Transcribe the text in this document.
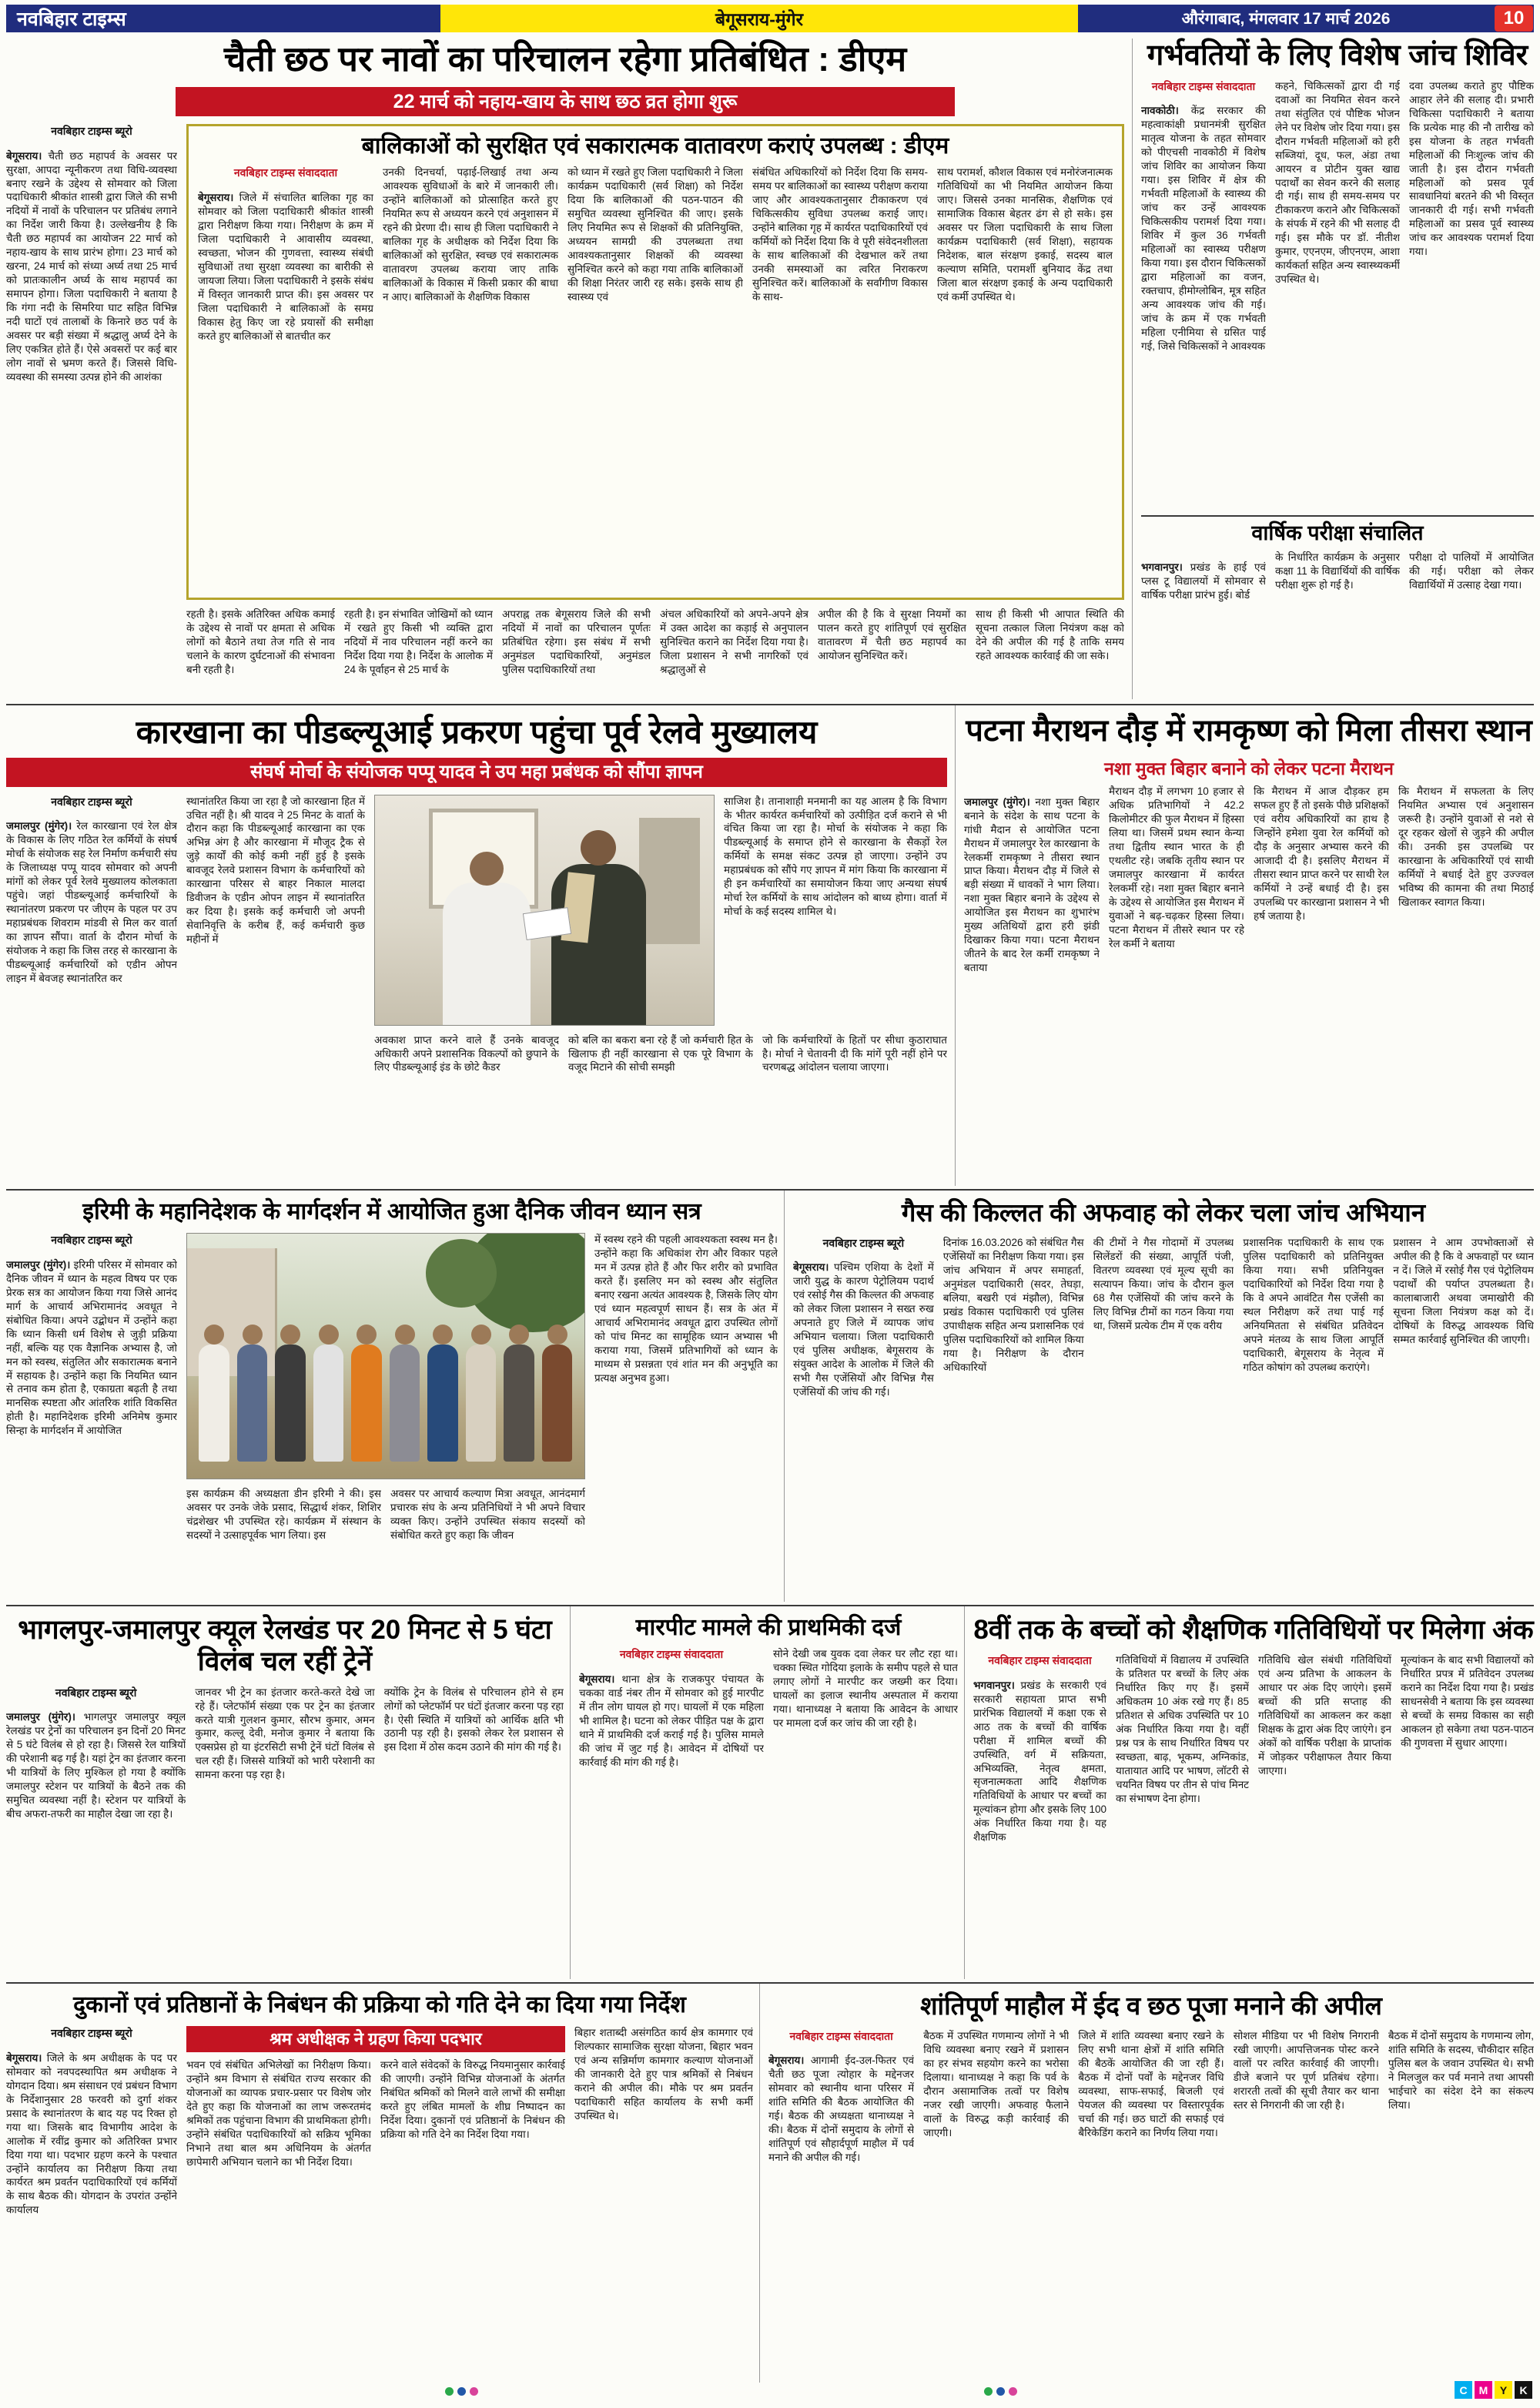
नवबिहार टाइम्स	बेगूसराय-मुंगेर	औरंगाबाद, मंगलवार 17 मार्च 2026	10
चैती छठ पर नावों का परिचालन रहेगा प्रतिबंधित : डीएम
22 मार्च को नहाय-खाय के साथ छठ व्रत होगा शुरू
नवबिहार टाइम्स ब्यूरो

बेगूसराय। चैती छठ महापर्व के अवसर पर सुरक्षा, आपदा न्यूनीकरण तथा विधि-व्यवस्था बनाए रखने के उद्देश्य से सोमवार को जिला पदाधिकारी श्रीकांत शास्त्री द्वारा जिले की सभी नदियों में नावों के परिचालन पर प्रतिबंध लगाने का निर्देश जारी किया है। उल्लेखनीय है कि चैती छठ महापर्व का आयोजन 22 मार्च को नहाय-खाय के साथ प्रारंभ होगा। 23 मार्च को खरना, 24 मार्च को संध्या अर्घ्य तथा 25 मार्च को प्रातःकालीन अर्घ्य के साथ महापर्व का समापन होगा। जिला पदाधिकारी ने बताया है कि गंगा नदी के सिमरिया घाट सहित विभिन्न नदी घाटों एवं तालाबों के किनारे छठ पर्व के अवसर पर बड़ी संख्या में श्रद्धालु अर्घ्य देने के लिए एकत्रित होते हैं। ऐसे अवसरों पर कई बार लोग नावों से भ्रमण करते हैं। जिससे विधि-व्यवस्था की समस्या उत्पन्न होने की आशंका

बालिकाओं को सुरक्षित एवं सकारात्मक वातावरण कराएं उपलब्ध : डीएम
नवबिहार टाइम्स संवाददाता

बेगूसराय। जिले में संचालित बालिका गृह का सोमवार को जिला पदाधिकारी श्रीकांत शास्त्री द्वारा निरीक्षण किया गया। निरीक्षण के क्रम में जिला पदाधिकारी ने आवासीय व्यवस्था, स्वच्छता, भोजन की गुणवत्ता, स्वास्थ्य संबंधी सुविधाओं तथा सुरक्षा व्यवस्था का बारीकी से जायजा लिया। जिला पदाधिकारी ने इसके संबंध में विस्तृत जानकारी प्राप्त की। इस अवसर पर जिला पदाधिकारी ने बालिकाओं के समग्र विकास हेतु किए जा रहे प्रयासों की समीक्षा करते हुए बालिकाओं से बातचीत कर

उनकी दिनचर्या, पढ़ाई-लिखाई तथा अन्य आवश्यक सुविधाओं के बारे में जानकारी ली। उन्होंने बालिकाओं को प्रोत्साहित करते हुए नियमित रूप से अध्ययन करने एवं अनुशासन में रहने की प्रेरणा दी। साथ ही जिला पदाधिकारी ने बालिका गृह के अधीक्षक को निर्देश दिया कि बालिकाओं को सुरक्षित, स्वच्छ एवं सकारात्मक वातावरण उपलब्ध कराया जाए ताकि बालिकाओं के विकास में किसी प्रकार की बाधा न आए। बालिकाओं के शैक्षणिक विकास
को ध्यान में रखते हुए जिला पदाधिकारी ने जिला कार्यक्रम पदाधिकारी (सर्व शिक्षा) को निर्देश दिया कि बालिकाओं की पठन-पाठन की समुचित व्यवस्था सुनिश्चित की जाए। इसके लिए नियमित रूप से शिक्षकों की प्रतिनियुक्ति, अध्ययन सामग्री की उपलब्धता तथा आवश्यकतानुसार शिक्षकों की व्यवस्था सुनिश्चित करने को कहा गया ताकि बालिकाओं की शिक्षा निरंतर जारी रह सके। इसके साथ ही स्वास्थ्य एवं
संबंधित अधिकारियों को निर्देश दिया कि समय-समय पर बालिकाओं का स्वास्थ्य परीक्षण कराया जाए और आवश्यकतानुसार टीकाकरण एवं चिकित्सकीय सुविधा उपलब्ध कराई जाए। उन्होंने बालिका गृह में कार्यरत पदाधिकारियों एवं कर्मियों को निर्देश दिया कि वे पूरी संवेदनशीलता के साथ बालिकाओं की देखभाल करें तथा उनकी समस्याओं का त्वरित निराकरण सुनिश्चित करें। बालिकाओं के सर्वांगीण विकास के साथ-
साथ परामर्श, कौशल विकास एवं मनोरंजनात्मक गतिविधियों का भी नियमित आयोजन किया जाए। जिससे उनका मानसिक, शैक्षणिक एवं सामाजिक विकास बेहतर ढंग से हो सके। इस अवसर पर जिला पदाधिकारी के साथ जिला कार्यक्रम पदाधिकारी (सर्व शिक्षा), सहायक निदेशक, बाल संरक्षण इकाई, सदस्य बाल कल्याण समिति, परामर्शी बुनियाद केंद्र तथा जिला बाल संरक्षण इकाई के अन्य पदाधिकारी एवं कर्मी उपस्थित थे।
रहती है। इसके अतिरिक्त अधिक कमाई के उद्देश्य से नावों पर क्षमता से अधिक लोगों को बैठाने तथा तेज गति से नाव चलाने के कारण दुर्घटनाओं की संभावना बनी रहती है।
रहती है। इन संभावित जोखिमों को ध्यान में रखते हुए किसी भी व्यक्ति द्वारा नदियों में नाव परिचालन नहीं करने का निर्देश दिया गया है। निर्देश के आलोक में 24 के पूर्वाहन से 25 मार्च के
अपराह्न तक बेगूसराय जिले की सभी नदियों में नावों का परिचालन पूर्णतः प्रतिबंधित रहेगा। इस संबंध में सभी अनुमंडल पदाधिकारियों, अनुमंडल पुलिस पदाधिकारियों तथा
अंचल अधिकारियों को अपने-अपने क्षेत्र में उक्त आदेश का कड़ाई से अनुपालन सुनिश्चित कराने का निर्देश दिया गया है। जिला प्रशासन ने सभी नागरिकों एवं श्रद्धालुओं से
अपील की है कि वे सुरक्षा नियमों का पालन करते हुए शांतिपूर्ण एवं सुरक्षित वातावरण में चैती छठ महापर्व का आयोजन सुनिश्चित करें।
साथ ही किसी भी आपात स्थिति की सूचना तत्काल जिला नियंत्रण कक्ष को देने की अपील की गई है ताकि समय रहते आवश्यक कार्रवाई की जा सके।
गर्भवतियों के लिए विशेष जांच शिविर
नवबिहार टाइम्स संवाददाता

नावकोठी। केंद्र सरकार की महत्वाकांक्षी प्रधानमंत्री सुरक्षित मातृत्व योजना के तहत सोमवार को पीएचसी नावकोठी में विशेष जांच शिविर का आयोजन किया गया। इस शिविर में क्षेत्र की गर्भवती महिलाओं के स्वास्थ्य की जांच कर उन्हें आवश्यक चिकित्सकीय परामर्श दिया गया। शिविर में कुल 36 गर्भवती महिलाओं का स्वास्थ्य परीक्षण किया गया। इस दौरान चिकित्सकों द्वारा महिलाओं का वजन, रक्तचाप, हीमोग्लोबिन, मूत्र सहित अन्य आवश्यक जांच की गई। जांच के क्रम में एक गर्भवती महिला एनीमिया से ग्रसित पाई गई, जिसे चिकित्सकों ने आवश्यक

कहने, चिकित्सकों द्वारा दी गई दवाओं का नियमित सेवन करने तथा संतुलित एवं पौष्टिक भोजन लेने पर विशेष जोर दिया गया। इस दौरान गर्भवती महिलाओं को हरी सब्जियां, दूध, फल, अंडा तथा आयरन व प्रोटीन युक्त खाद्य पदार्थों का सेवन करने की सलाह दी गई। साथ ही समय-समय पर टीकाकरण कराने और चिकित्सकों के संपर्क में रहने की भी सलाह दी गई। इस मौके पर डॉ. नीतीश कुमार, एएनएम, जीएनएम, आशा कार्यकर्ता सहित अन्य स्वास्थ्यकर्मी उपस्थित थे।
दवा उपलब्ध कराते हुए पौष्टिक आहार लेने की सलाह दी। प्रभारी चिकित्सा पदाधिकारी ने बताया कि प्रत्येक माह की नौ तारीख को इस योजना के तहत गर्भवती महिलाओं की निःशुल्क जांच की जाती है। इस दौरान गर्भवती महिलाओं को प्रसव पूर्व सावधानियां बरतने की भी विस्तृत जानकारी दी गई। सभी गर्भवती महिलाओं का प्रसव पूर्व स्वास्थ्य जांच कर आवश्यक परामर्श दिया गया।
वार्षिक परीक्षा संचालित

भगवानपुर। प्रखंड के हाई एवं प्लस टू विद्यालयों में सोमवार से वार्षिक परीक्षा प्रारंभ हुई। बोर्ड

के निर्धारित कार्यक्रम के अनुसार कक्षा 11 के विद्यार्थियों की वार्षिक परीक्षा शुरू हो गई है।
परीक्षा दो पालियों में आयोजित की गई। परीक्षा को लेकर विद्यार्थियों में उत्साह देखा गया।
कारखाना का पीडब्ल्यूआई प्रकरण पहुंचा पूर्व रेलवे मुख्यालय
संघर्ष मोर्चा के संयोजक पप्पू यादव ने उप महा प्रबंधक को सौंपा ज्ञापन
नवबिहार टाइम्स ब्यूरो

जमालपुर (मुंगेर)। रेल कारखाना एवं रेल क्षेत्र के विकास के लिए गठित रेल कर्मियों के संघर्ष मोर्चा के संयोजक सह रेल निर्माण कर्मचारी संघ के जिलाध्यक्ष पप्पू यादव सोमवार को अपनी मांगों को लेकर पूर्व रेलवे मुख्यालय कोलकाता पहुंचे। जहां पीडब्ल्यूआई कर्मचारियों के स्थानांतरण प्रकरण पर जीएम के पहल पर उप महाप्रबंधक शिवराम मांडवी से मिल कर वार्ता का ज्ञापन सौंपा। वार्ता के दौरान मोर्चा के संयोजक ने कहा कि जिस तरह से कारखाना के पीडब्ल्यूआई कर्मचारियों को एडीन ओपन लाइन में बेवजह स्थानांतरित कर

स्थानांतरित किया जा रहा है जो कारखाना हित में उचित नहीं है। श्री यादव ने 25 मिनट के वार्ता के दौरान कहा कि पीडब्ल्यूआई कारखाना का एक अभिन्न अंग है और कारखाना में मौजूद ट्रैक से जुड़े कार्यों की कोई कमी नहीं हुई है इसके बावजूद रेलवे प्रशासन विभाग के कर्मचारियों को कारखाना परिसर से बाहर निकाल मालदा डिवीजन के एडीन ओपन लाइन में स्थानांतरित कर दिया है। इसके कई कर्मचारी जो अपनी सेवानिवृत्ति के करीब हैं, कई कर्मचारी कुछ महीनों में
साजिश है। तानाशाही मनमानी का यह आलम है कि विभाग के भीतर कार्यरत कर्मचारियों को उत्पीड़ित दर्ज कराने से भी वंचित किया जा रहा है। मोर्चा के संयोजक ने कहा कि पीडब्ल्यूआई के समाप्त होने से कारखाना के सैकड़ों रेल कर्मियों के समक्ष संकट उत्पन्न हो जाएगा। उन्होंने उप महाप्रबंधक को सौंपे गए ज्ञापन में मांग किया कि कारखाना में ही इन कर्मचारियों का समायोजन किया जाए अन्यथा संघर्ष मोर्चा रेल कर्मियों के साथ आंदोलन को बाध्य होगा। वार्ता में मोर्चा के कई सदस्य शामिल थे।
अवकाश प्राप्त करने वाले हैं उनके बावजूद अधिकारी अपने प्रशासनिक विकल्पों को छुपाने के लिए पीडब्ल्यूआई इंड के छोटे कैडर
को बलि का बकरा बना रहे हैं जो कर्मचारी हित के खिलाफ ही नहीं कारखाना से एक पूरे विभाग के वजूद मिटाने की सोची समझी
जो कि कर्मचारियों के हितों पर सीधा कुठाराघात है। मोर्चा ने चेतावनी दी कि मांगें पूरी नहीं होने पर चरणबद्ध आंदोलन चलाया जाएगा।
पटना मैराथन दौड़ में रामकृष्ण को मिला तीसरा स्थान
नशा मुक्त बिहार बनाने को लेकर पटना मैराथन

जमालपुर (मुंगेर)। नशा मुक्त बिहार बनाने के संदेश के साथ पटना के गांधी मैदान से आयोजित पटना मैराथन में जमालपुर रेल कारखाना के रेलकर्मी रामकृष्ण ने तीसरा स्थान प्राप्त किया। मैराथन दौड़ में जिले से बड़ी संख्या में धावकों ने भाग लिया। नशा मुक्त बिहार बनाने के उद्देश्य से आयोजित इस मैराथन का शुभारंभ मुख्य अतिथियों द्वारा हरी झंडी दिखाकर किया गया। पटना मैराथन जीतने के बाद रेल कर्मी रामकृष्ण ने बताया

मैराथन दौड़ में लगभग 10 हजार से अधिक प्रतिभागियों ने 42.2 किलोमीटर की फुल मैराथन में हिस्सा लिया था। जिसमें प्रथम स्थान केन्या तथा द्वितीय स्थान भारत के ही एथलीट रहे। जबकि तृतीय स्थान पर जमालपुर कारखाना में कार्यरत रेलकर्मी रहे। नशा मुक्त बिहार बनाने के उद्देश्य से आयोजित इस मैराथन में युवाओं ने बढ़-चढ़कर हिस्सा लिया। पटना मैराथन में तीसरे स्थान पर रहे रेल कर्मी ने बताया
कि मैराथन में आज दौड़कर हम सफल हुए हैं तो इसके पीछे प्रशिक्षकों एवं वरीय अधिकारियों का हाथ है जिन्होंने हमेशा युवा रेल कर्मियों को दौड़ के अनुसार अभ्यास करने की आजादी दी है। इसलिए मैराथन में तीसरा स्थान प्राप्त करने पर साथी रेल कर्मियों ने उन्हें बधाई दी है। इस उपलब्धि पर कारखाना प्रशासन ने भी हर्ष जताया है।
कि मैराथन में सफलता के लिए नियमित अभ्यास एवं अनुशासन जरूरी है। उन्होंने युवाओं से नशे से दूर रहकर खेलों से जुड़ने की अपील की। उनकी इस उपलब्धि पर कारखाना के अधिकारियों एवं साथी कर्मियों ने बधाई देते हुए उज्ज्वल भविष्य की कामना की तथा मिठाई खिलाकर स्वागत किया।
इरिमी के महानिदेशक के मार्गदर्शन में आयोजित हुआ दैनिक जीवन ध्यान सत्र
नवबिहार टाइम्स ब्यूरो

जमालपुर (मुंगेर)। इरिमी परिसर में सोमवार को दैनिक जीवन में ध्यान के महत्व विषय पर एक प्रेरक सत्र का आयोजन किया गया जिसे आनंद मार्ग के आचार्य अभिरामानंद अवधूत ने संबोधित किया। अपने उद्बोधन में उन्होंने कहा कि ध्यान किसी धर्म विशेष से जुड़ी प्रक्रिया नहीं, बल्कि यह एक वैज्ञानिक अभ्यास है, जो मन को स्वस्थ, संतुलित और सकारात्मक बनाने में सहायक है। उन्होंने कहा कि नियमित ध्यान से तनाव कम होता है, एकाग्रता बढ़ती है तथा मानसिक स्पष्टता और आंतरिक शांति विकसित होती है। महानिदेशक इरिमी अनिमेष कुमार सिन्हा के मार्गदर्शन में आयोजित

इस कार्यक्रम की अध्यक्षता डीन इरिमी ने की। इस अवसर पर उनके जेके प्रसाद, सिद्धार्थ शंकर, शिशिर चंद्रशेखर भी उपस्थित रहे। कार्यक्रम में संस्थान के सदस्यों ने उत्साहपूर्वक भाग लिया। इस
अवसर पर आचार्य कल्याण मित्रा अवधूत, आनंदमार्ग प्रचारक संघ के अन्य प्रतिनिधियों ने भी अपने विचार व्यक्त किए। उन्होंने उपस्थित संकाय सदस्यों को संबोधित करते हुए कहा कि जीवन
में स्वस्थ रहने की पहली आवश्यकता स्वस्थ मन है। उन्होंने कहा कि अधिकांश रोग और विकार पहले मन में उत्पन्न होते हैं और फिर शरीर को प्रभावित करते हैं। इसलिए मन को स्वस्थ और संतुलित बनाए रखना अत्यंत आवश्यक है, जिसके लिए योग एवं ध्यान महत्वपूर्ण साधन हैं। सत्र के अंत में आचार्य अभिरामानंद अवधूत द्वारा उपस्थित लोगों को पांच मिनट का सामूहिक ध्यान अभ्यास भी कराया गया, जिसमें प्रतिभागियों को ध्यान के माध्यम से प्रसन्नता एवं शांत मन की अनुभूति का प्रत्यक्ष अनुभव हुआ।
गैस की किल्लत की अफवाह को लेकर चला जांच अभियान
नवबिहार टाइम्स ब्यूरो

बेगूसराय। पश्चिम एशिया के देशों में जारी युद्ध के कारण पेट्रोलियम पदार्थ एवं रसोई गैस की किल्लत की अफवाह को लेकर जिला प्रशासन ने सख्त रुख अपनाते हुए जिले में व्यापक जांच अभियान चलाया। जिला पदाधिकारी एवं पुलिस अधीक्षक, बेगूसराय के संयुक्त आदेश के आलोक में जिले की सभी गैस एजेंसियों और विभिन्न गैस एजेंसियों की जांच की गई।

दिनांक 16.03.2026 को संबंधित गैस एजेंसियों का निरीक्षण किया गया। इस जांच अभियान में अपर समाहर्ता, अनुमंडल पदाधिकारी (सदर, तेघड़ा, बलिया, बखरी एवं मंझौल), विभिन्न प्रखंड विकास पदाधिकारी एवं पुलिस उपाधीक्षक सहित अन्य प्रशासनिक एवं पुलिस पदाधिकारियों को शामिल किया गया है। निरीक्षण के दौरान अधिकारियों
की टीमों ने गैस गोदामों में उपलब्ध सिलेंडरों की संख्या, आपूर्ति पंजी, वितरण व्यवस्था एवं मूल्य सूची का सत्यापन किया। जांच के दौरान कुल 68 गैस एजेंसियों की जांच करने के लिए विभिन्न टीमों का गठन किया गया था, जिसमें प्रत्येक टीम में एक वरीय
प्रशासनिक पदाधिकारी के साथ एक पुलिस पदाधिकारी को प्रतिनियुक्त किया गया। सभी प्रतिनियुक्त पदाधिकारियों को निर्देश दिया गया है कि वे अपने आवंटित गैस एजेंसी का स्थल निरीक्षण करें तथा पाई गई अनियमितता से संबंधित प्रतिवेदन अपने मंतव्य के साथ जिला आपूर्ति पदाधिकारी, बेगूसराय के नेतृत्व में गठित कोषांग को उपलब्ध कराएंगे।
प्रशासन ने आम उपभोक्ताओं से अपील की है कि वे अफवाहों पर ध्यान न दें। जिले में रसोई गैस एवं पेट्रोलियम पदार्थों की पर्याप्त उपलब्धता है। कालाबाजारी अथवा जमाखोरी की सूचना जिला नियंत्रण कक्ष को दें। दोषियों के विरुद्ध आवश्यक विधि सम्मत कार्रवाई सुनिश्चित की जाएगी।
भागलपुर-जमालपुर क्यूल रेलखंड पर 20 मिनट से 5 घंटा विलंब चल रहीं ट्रेनें
नवबिहार टाइम्स ब्यूरो

जमालपुर (मुंगेर)। भागलपुर जमालपुर क्यूल रेलखंड पर ट्रेनों का परिचालन इन दिनों 20 मिनट से 5 घंटे विलंब से हो रहा है। जिससे रेल यात्रियों की परेशानी बढ़ गई है। यहां ट्रेन का इंतजार करना भी यात्रियों के लिए मुश्किल हो गया है क्योंकि जमालपुर स्टेशन पर यात्रियों के बैठने तक की समुचित व्यवस्था नहीं है। स्टेशन पर यात्रियों के बीच अफरा-तफरी का माहौल देखा जा रहा है।

जानवर भी ट्रेन का इंतजार करते-करते देखे जा रहे हैं। प्लेटफॉर्म संख्या एक पर ट्रेन का इंतजार करते यात्री गुलशन कुमार, सौरभ कुमार, अमन कुमार, कल्लू देवी, मनोज कुमार ने बताया कि एक्सप्रेस हो या इंटरसिटी सभी ट्रेनें घंटों विलंब से चल रही हैं। जिससे यात्रियों को भारी परेशानी का सामना करना पड़ रहा है।
क्योंकि ट्रेन के विलंब से परिचालन होने से हम लोगों को प्लेटफॉर्म पर घंटों इंतजार करना पड़ रहा है। ऐसी स्थिति में यात्रियों को आर्थिक क्षति भी उठानी पड़ रही है। इसको लेकर रेल प्रशासन से इस दिशा में ठोस कदम उठाने की मांग की गई है।
मारपीट मामले की प्राथमिकी दर्ज
नवबिहार टाइम्स संवाददाता

बेगूसराय। थाना क्षेत्र के राजकपुर पंचायत के चकका वार्ड नंबर तीन में सोमवार को हुई मारपीट में तीन लोग घायल हो गए। घायलों में एक महिला भी शामिल है। घटना को लेकर पीड़ित पक्ष के द्वारा थाने में प्राथमिकी दर्ज कराई गई है। पुलिस मामले की जांच में जुट गई है। आवेदन में दोषियों पर कार्रवाई की मांग की गई है।

सोने देखी जब युवक दवा लेकर घर लौट रहा था। चक्का स्थित गोदिया इलाके के समीप पहले से घात लगाए लोगों ने मारपीट कर जख्मी कर दिया। घायलों का इलाज स्थानीय अस्पताल में कराया गया। थानाध्यक्ष ने बताया कि आवेदन के आधार पर मामला दर्ज कर जांच की जा रही है।
8वीं तक के बच्चों को शैक्षणिक गतिविधियों पर मिलेगा अंक
नवबिहार टाइम्स संवाददाता

भगवानपुर। प्रखंड के सरकारी एवं सरकारी सहायता प्राप्त सभी प्रारंभिक विद्यालयों में कक्षा एक से आठ तक के बच्चों की वार्षिक परीक्षा में शामिल बच्चों की उपस्थिति, वर्ग में सक्रियता, अभिव्यक्ति, नेतृत्व क्षमता, सृजनात्मकता आदि शैक्षणिक गतिविधियों के आधार पर बच्चों का मूल्यांकन होगा और इसके लिए 100 अंक निर्धारित किया गया है। यह शैक्षणिक

गतिविधियों में विद्यालय में उपस्थिति के प्रतिशत पर बच्चों के लिए अंक निर्धारित किए गए हैं। इसमें अधिकतम 10 अंक रखे गए हैं। 85 प्रतिशत से अधिक उपस्थिति पर 10 अंक निर्धारित किया गया है। वहीं प्रश्न पत्र के साथ निर्धारित विषय पर स्वच्छता, बाढ़, भूकम्प, अग्निकांड, यातायात आदि पर भाषण, लॉटरी से चयनित विषय पर तीन से पांच मिनट का संभाषण देना होगा।
गतिविधि खेल संबंधी गतिविधियों एवं अन्य प्रतिभा के आकलन के आधार पर अंक दिए जाएंगे। इसमें बच्चों की प्रति सप्ताह की गतिविधियों का आकलन कर कक्षा शिक्षक के द्वारा अंक दिए जाएंगे। इन अंकों को वार्षिक परीक्षा के प्राप्तांक में जोड़कर परीक्षाफल तैयार किया जाएगा।
मूल्यांकन के बाद सभी विद्यालयों को निर्धारित प्रपत्र में प्रतिवेदन उपलब्ध कराने का निर्देश दिया गया है। प्रखंड साधनसेवी ने बताया कि इस व्यवस्था से बच्चों के समग्र विकास का सही आकलन हो सकेगा तथा पठन-पाठन की गुणवत्ता में सुधार आएगा।
दुकानों एवं प्रतिष्ठानों के निबंधन की प्रक्रिया को गति देने का दिया गया निर्देश
नवबिहार टाइम्स ब्यूरो

बेगूसराय। जिले के श्रम अधीक्षक के पद पर सोमवार को नवपदस्थापित श्रम अधीक्षक ने योगदान दिया। श्रम संसाधन एवं प्रबंधन विभाग के निर्देशानुसार 28 फरवरी को दुर्गा शंकर प्रसाद के स्थानांतरण के बाद यह पद रिक्त हो गया था। जिसके बाद विभागीय आदेश के आलोक में रवींद्र कुमार को अतिरिक्त प्रभार दिया गया था। पदभार ग्रहण करने के पश्चात उन्होंने कार्यालय का निरीक्षण किया तथा कार्यरत श्रम प्रवर्तन पदाधिकारियों एवं कर्मियों के साथ बैठक की। योगदान के उपरांत उन्होंने कार्यालय

श्रम अधीक्षक ने ग्रहण किया पदभार
भवन एवं संबंधित अभिलेखों का निरीक्षण किया। उन्होंने श्रम विभाग से संबंधित राज्य सरकार की योजनाओं का व्यापक प्रचार-प्रसार पर विशेष जोर देते हुए कहा कि योजनाओं का लाभ जरूरतमंद श्रमिकों तक पहुंचाना विभाग की प्राथमिकता होगी। उन्होंने संबंधित पदाधिकारियों को सक्रिय भूमिका निभाने तथा बाल श्रम अधिनियम के अंतर्गत छापेमारी अभियान चलाने का भी निर्देश दिया।
करने वाले संवेदकों के विरुद्ध नियमानुसार कार्रवाई की जाएगी। उन्होंने विभिन्न योजनाओं के अंतर्गत निबंधित श्रमिकों को मिलने वाले लाभों की समीक्षा करते हुए लंबित मामलों के शीघ्र निष्पादन का निर्देश दिया। दुकानों एवं प्रतिष्ठानों के निबंधन की प्रक्रिया को गति देने का निर्देश दिया गया।
बिहार शताब्दी असंगठित कार्य क्षेत्र कामगार एवं शिल्पकार सामाजिक सुरक्षा योजना, बिहार भवन एवं अन्य सन्निर्माण कामगार कल्याण योजनाओं की जानकारी देते हुए पात्र श्रमिकों से निबंधन कराने की अपील की। मौके पर श्रम प्रवर्तन पदाधिकारी सहित कार्यालय के सभी कर्मी उपस्थित थे।
शांतिपूर्ण माहौल में ईद व छठ पूजा मनाने की अपील
नवबिहार टाइम्स संवाददाता

बेगूसराय। आगामी ईद-उल-फितर एवं चैती छठ पूजा त्योहार के मद्देनजर सोमवार को स्थानीय थाना परिसर में शांति समिति की बैठक आयोजित की गई। बैठक की अध्यक्षता थानाध्यक्ष ने की। बैठक में दोनों समुदाय के लोगों से शांतिपूर्ण एवं सौहार्दपूर्ण माहौल में पर्व मनाने की अपील की गई।

बैठक में उपस्थित गणमान्य लोगों ने भी विधि व्यवस्था बनाए रखने में प्रशासन का हर संभव सहयोग करने का भरोसा दिलाया। थानाध्यक्ष ने कहा कि पर्व के दौरान असामाजिक तत्वों पर विशेष नजर रखी जाएगी। अफवाह फैलाने वालों के विरुद्ध कड़ी कार्रवाई की जाएगी।
जिले में शांति व्यवस्था बनाए रखने के लिए सभी थाना क्षेत्रों में शांति समिति की बैठकें आयोजित की जा रही हैं। बैठक में दोनों पर्वों के मद्देनजर विधि व्यवस्था, साफ-सफाई, बिजली एवं पेयजल की व्यवस्था पर विस्तारपूर्वक चर्चा की गई। छठ घाटों की सफाई एवं बैरिकेडिंग कराने का निर्णय लिया गया।
सोशल मीडिया पर भी विशेष निगरानी रखी जाएगी। आपत्तिजनक पोस्ट करने वालों पर त्वरित कार्रवाई की जाएगी। डीजे बजाने पर पूर्ण प्रतिबंध रहेगा। शरारती तत्वों की सूची तैयार कर थाना स्तर से निगरानी की जा रही है।
बैठक में दोनों समुदाय के गणमान्य लोग, शांति समिति के सदस्य, चौकीदार सहित पुलिस बल के जवान उपस्थित थे। सभी ने मिलजुल कर पर्व मनाने तथा आपसी भाईचारे का संदेश देने का संकल्प लिया।
C	M	Y	K
